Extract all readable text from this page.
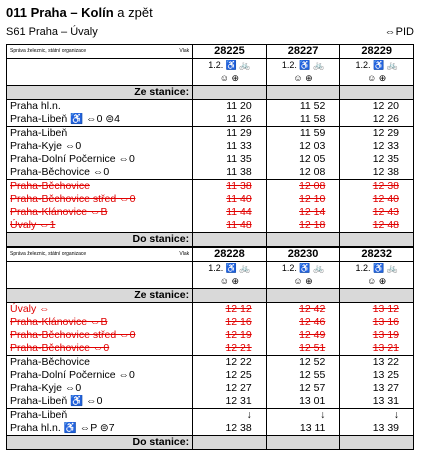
011 Praha – Kolín a zpět
S61 Praha – Úvaly	⇔PID
Správa železnic, státní organizace Vlak	28225	28227	28229
	1.2. ♿ 🚲	1.2. ♿ 🚲	1.2. ♿ 🚲
	☺ ⊕	☺ ⊕	☺ ⊕
Ze stanice:			
Praha hl.n.	11 20	11 52	12 20
Praha-Libeň ♿ ⇔0 ⊜4	11 26	11 58	12 26
Praha-Libeň	11 29	11 59	12 29
Praha-Kyje ⇔0	11 33	12 03	12 33
Praha-Dolní Počernice ⇔0	11 35	12 05	12 35
Praha-Běchovice ⇔0	11 38	12 08	12 38
Praha-Běchovice	11 38	12 08	12 38
Praha-Běchovice střed ⇔0	11 40	12 10	12 40
Praha-Klánovice ⇔B	11 44	12 14	12 43
Úvaly ⇔1	11 48	12 18	12 48
Do stanice:			
Správa železnic, státní organizace Vlak	28228	28230	28232
	1.2. ♿ 🚲	1.2. ♿ 🚲	1.2. ♿ 🚲
	☺ ⊕	☺ ⊕	☺ ⊕
Ze stanice:			
Úvaly ⇔	12 12	12 42	13 12
Praha-Klánovice ⇔B	12 16	12 46	13 16
Praha-Běchovice střed ⇔0	12 19	12 49	13 19
Praha-Běchovice ⇔0	12 21	12 51	13 21
Praha-Běchovice	12 22	12 52	13 22
Praha-Dolní Počernice ⇔0	12 25	12 55	13 25
Praha-Kyje ⇔0	12 27	12 57	13 27
Praha-Libeň ♿ ⇔0	12 31	13 01	13 31
Praha-Libeň	↓	↓	↓
Praha hl.n. ♿ ⇔P ⊜7	12 38	13 11	13 39
Do stanice:			
